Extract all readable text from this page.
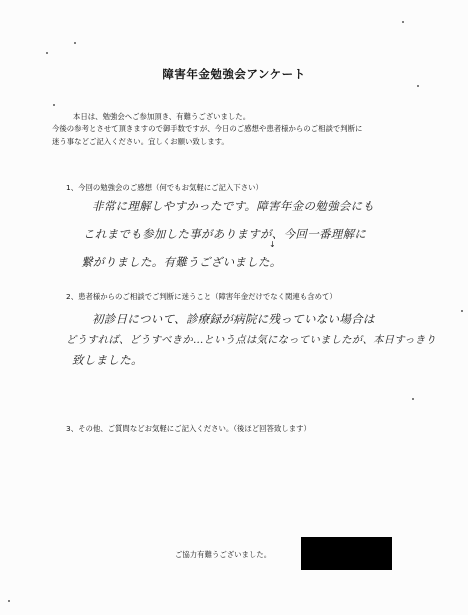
障害年金勉強会アンケート
本日は、勉強会へご参加頂き、有難うございました。
今後の参考とさせて頂きますので御手数ですが、今日のご感想や患者様からのご相談で判断に
迷う事などご記入ください。宜しくお願い致します。
1、今回の勉強会のご感想（何でもお気軽にご記入下さい）
非常に理解しやすかったです。障害年金の勉強会にも
これまでも参加した事がありますが、今回一番理解に
↓
繋がりました。有難うございました。
2、患者様からのご相談でご判断に迷うこと（障害年金だけでなく関連も含めて）
初診日について、診療録が病院に残っていない場合は
どうすれば、どうすべきか…という点は気になっていましたが、本日すっきり
致しました。
3、その他、ご質問などお気軽にご記入ください。（後ほど回答致します）
ご協力有難うございました。
